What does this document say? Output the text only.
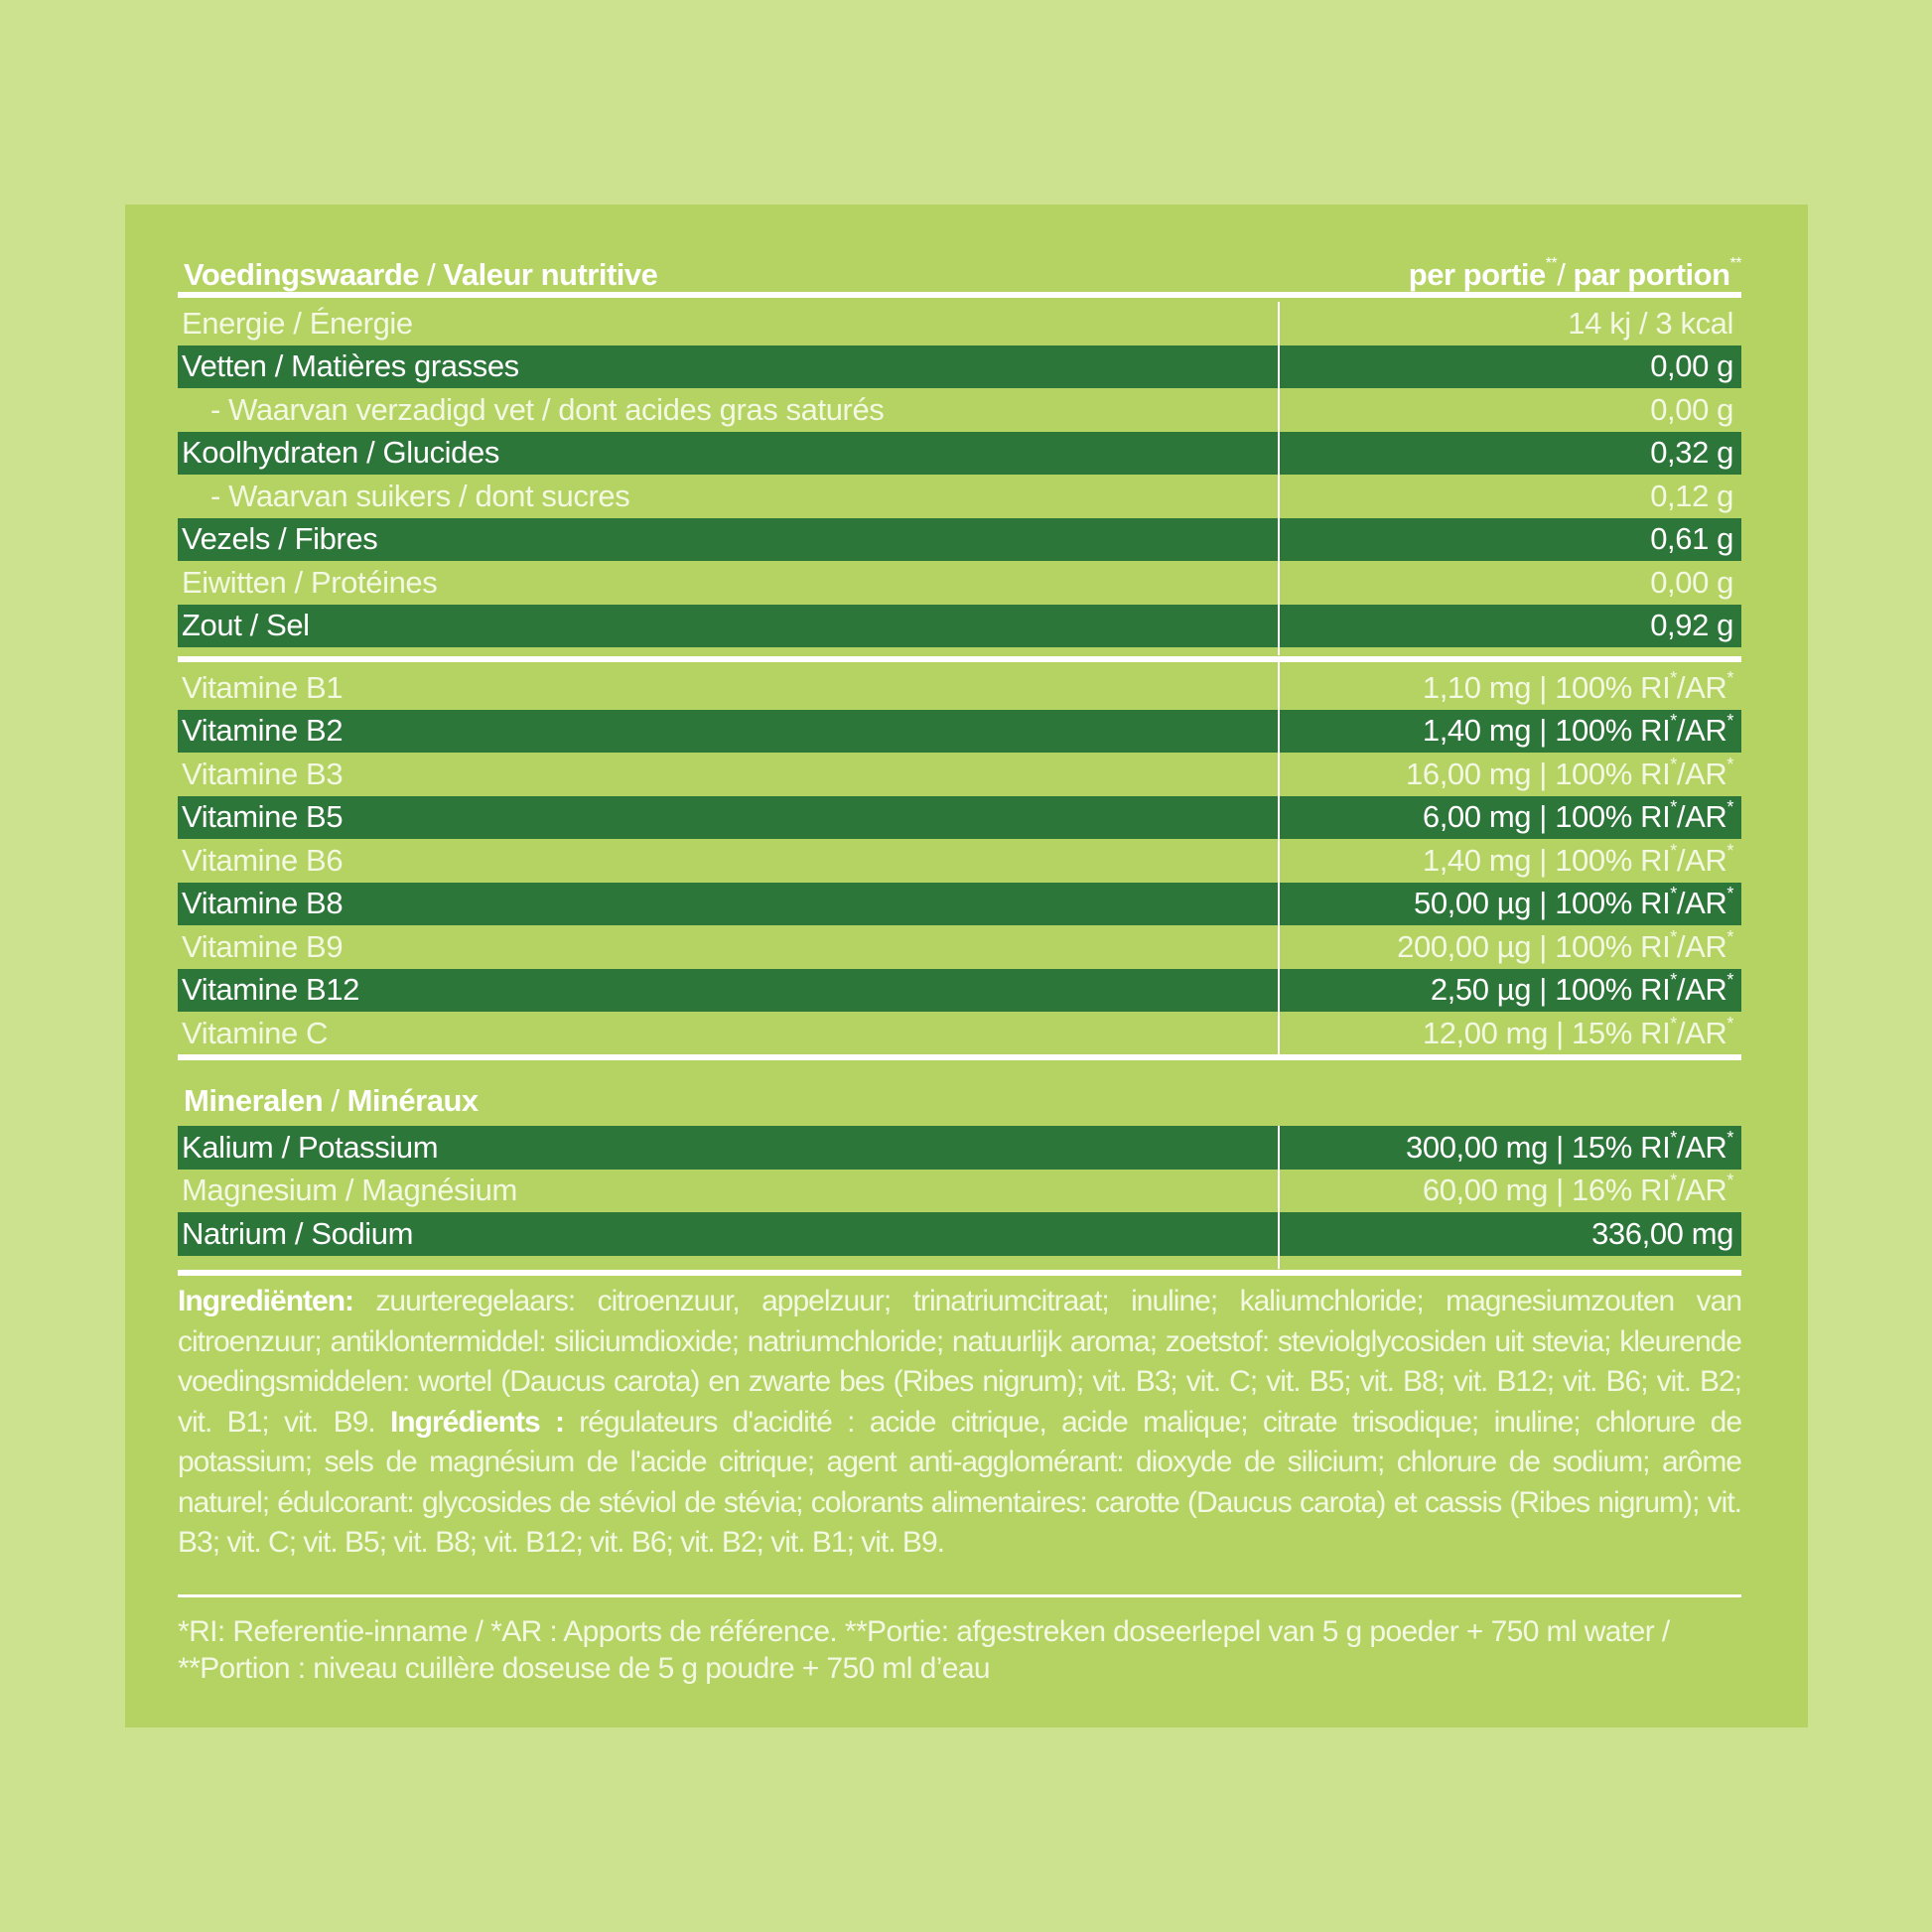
Voedingswaarde / Valeur nutritive	per portie**/ par portion**
Energie / Énergie	14 kj / 3 kcal
Vetten / Matières grasses	0,00 g
- Waarvan verzadigd vet / dont acides gras saturés	0,00 g
Koolhydraten / Glucides	0,32 g
- Waarvan suikers / dont sucres	0,12 g
Vezels / Fibres	0,61 g
Eiwitten / Protéines	0,00 g
Zout / Sel	0,92 g
Vitamine B1	1,10 mg | 100% RI*/AR*
Vitamine B2	1,40 mg | 100% RI*/AR*
Vitamine B3	16,00 mg | 100% RI*/AR*
Vitamine B5	6,00 mg | 100% RI*/AR*
Vitamine B6	1,40 mg | 100% RI*/AR*
Vitamine B8	50,00 µg | 100% RI*/AR*
Vitamine B9	200,00 µg | 100% RI*/AR*
Vitamine B12	2,50 µg | 100% RI*/AR*
Vitamine C	12,00 mg | 15% RI*/AR*
Mineralen / Minéraux
Kalium / Potassium	300,00 mg | 15% RI*/AR*
Magnesium / Magnésium	60,00 mg | 16% RI*/AR*
Natrium / Sodium	336,00 mg
Ingrediënten: zuurteregelaars: citroenzuur, appelzuur; trinatriumcitraat; inuline; kaliumchloride; magnesiumzouten van citroenzuur; antiklontermiddel: siliciumdioxide; natriumchloride; natuurlijk aroma; zoetstof: steviolglycosiden uit stevia; kleurende voedingsmiddelen: wortel (Daucus carota) en zwarte bes (Ribes nigrum); vit. B3; vit. C; vit. B5; vit. B8; vit. B12; vit. B6; vit. B2; vit. B1; vit. B9. Ingrédients : régulateurs d'acidité : acide citrique, acide malique; citrate trisodique; inuline; chlorure de potassium; sels de magnésium de l'acide citrique; agent anti-agglomérant: dioxyde de silicium; chlorure de sodium; arôme naturel; édulcorant: glycosides de stéviol de stévia; colorants alimentaires: carotte (Daucus carota) et cassis (Ribes nigrum); vit. B3; vit. C; vit. B5; vit. B8; vit. B12; vit. B6; vit. B2; vit. B1; vit. B9.
*RI: Referentie-inname / *AR : Apports de référence. **Portie: afgestreken doseerlepel van 5 g poeder + 750 ml water / **Portion : niveau cuillère doseuse de 5 g poudre + 750 ml d’eau
